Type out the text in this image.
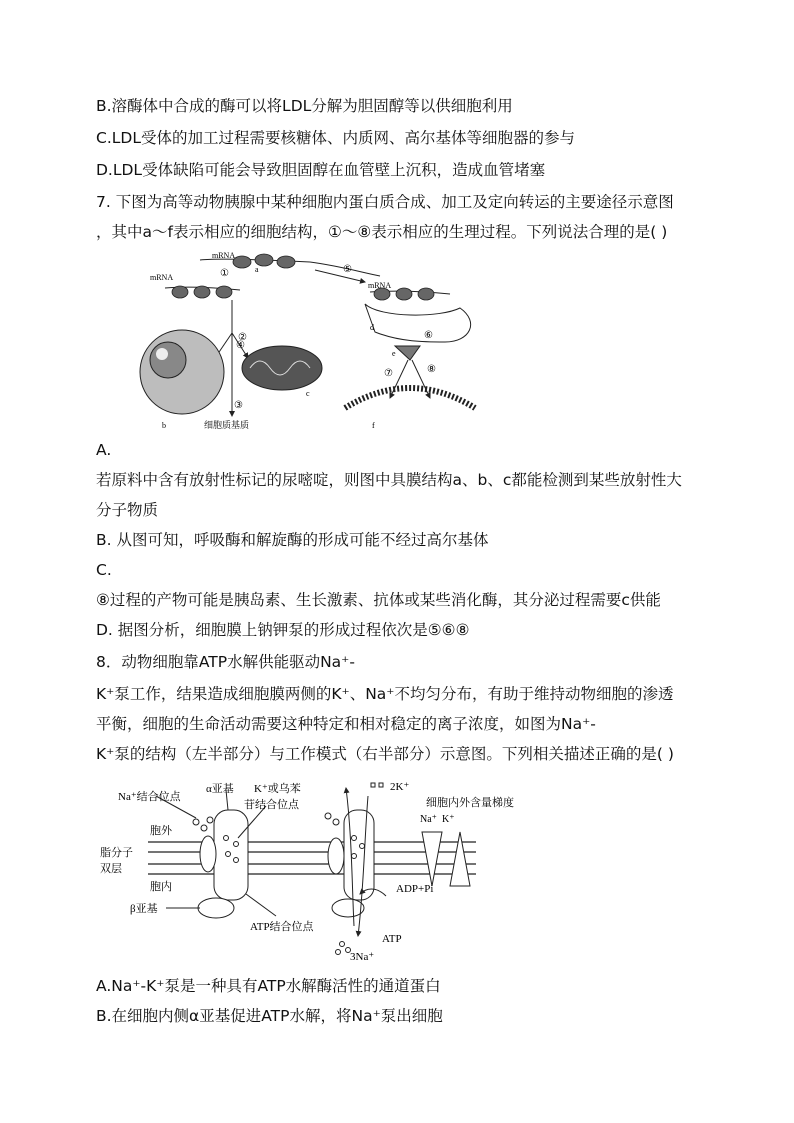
B.溶酶体中合成的酶可以将LDL分解为胆固醇等以供细胞利用
C.LDL受体的加工过程需要核糖体、内质网、高尔基体等细胞器的参与
D.LDL受体缺陷可能会导致胆固醇在血管壁上沉积，造成血管堵塞
7. 下图为高等动物胰腺中某种细胞内蛋白质合成、加工及定向转运的主要途径示意图
，其中a～f表示相应的细胞结构，①～⑧表示相应的生理过程。下列说法合理的是( )
A.
若原料中含有放射性标记的尿嘧啶，则图中具膜结构a、b、c都能检测到某些放射性大
分子物质
B. 从图可知，呼吸酶和解旋酶的形成可能不经过高尔基体
C.
⑧过程的产物可能是胰岛素、生长激素、抗体或某些消化酶，其分泌过程需要c供能
D. 据图分析，细胞膜上钠钾泵的形成过程依次是⑤⑥⑧
8．动物细胞靠ATP水解供能驱动Na⁺-
K⁺泵工作，结果造成细胞膜两侧的K⁺、Na⁺不均匀分布，有助于维持动物细胞的渗透
平衡，细胞的生命活动需要这种特定和相对稳定的离子浓度，如图为Na⁺-
K⁺泵的结构（左半部分）与工作模式（右半部分）示意图。下列相关描述正确的是( )
A.Na⁺-K⁺泵是一种具有ATP水解酶活性的通道蛋白
B.在细胞内侧α亚基促进ATP水解，将Na⁺泵出细胞
mRNA
mRNA
mRNA
①
②
③
④
⑤
⑥
⑦	⑧
a
b
c
d
e
f
细胞质基质
Na⁺结合位点
α亚基 K⁺或乌苯
苷结合位点
2K⁺
细胞内外含量梯度
Na⁺ K⁺
胞外
脂分子
双层
胞内
β亚基
ATP结合位点
ADP+Pi
ATP
3Na⁺
